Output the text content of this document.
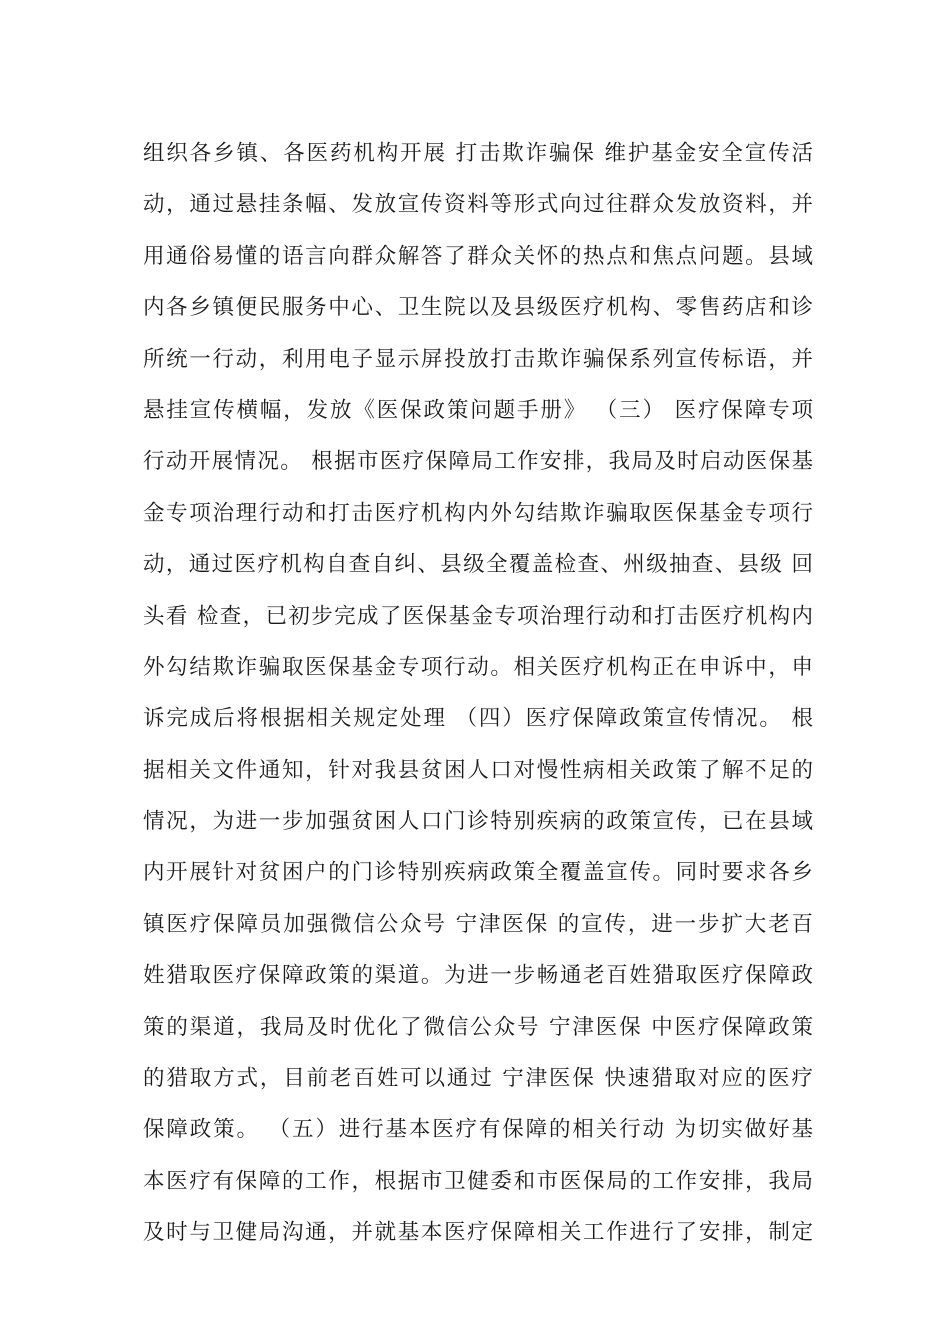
组织各乡镇、各医药机构开展 打击欺诈骗保 维护基金安全宣传活
动，通过悬挂条幅、发放宣传资料等形式向过往群众发放资料，并
用通俗易懂的语言向群众解答了群众关怀的热点和焦点问题。县域
内各乡镇便民服务中心、卫生院以及县级医疗机构、零售药店和诊
所统一行动，利用电子显示屏投放打击欺诈骗保系列宣传标语，并
悬挂宣传横幅，发放《医保政策问题手册》 （三） 医疗保障专项
行动开展情况。 根据市医疗保障局工作安排，我局及时启动医保基
金专项治理行动和打击医疗机构内外勾结欺诈骗取医保基金专项行
动，通过医疗机构自查自纠、县级全覆盖检查、州级抽查、县级 回
头看 检查，已初步完成了医保基金专项治理行动和打击医疗机构内
外勾结欺诈骗取医保基金专项行动。相关医疗机构正在申诉中，申
诉完成后将根据相关规定处理 （四）医疗保障政策宣传情况。 根
据相关文件通知，针对我县贫困人口对慢性病相关政策了解不足的
情况，为进一步加强贫困人口门诊特别疾病的政策宣传，已在县域
内开展针对贫困户的门诊特别疾病政策全覆盖宣传。同时要求各乡
镇医疗保障员加强微信公众号 宁津医保 的宣传，进一步扩大老百
姓猎取医疗保障政策的渠道。为进一步畅通老百姓猎取医疗保障政
策的渠道，我局及时优化了微信公众号 宁津医保 中医疗保障政策
的猎取方式，目前老百姓可以通过 宁津医保 快速猎取对应的医疗
保障政策。 （五）进行基本医疗有保障的相关行动 为切实做好基
本医疗有保障的工作，根据市卫健委和市医保局的工作安排，我局
及时与卫健局沟通，并就基本医疗保障相关工作进行了安排，制定
